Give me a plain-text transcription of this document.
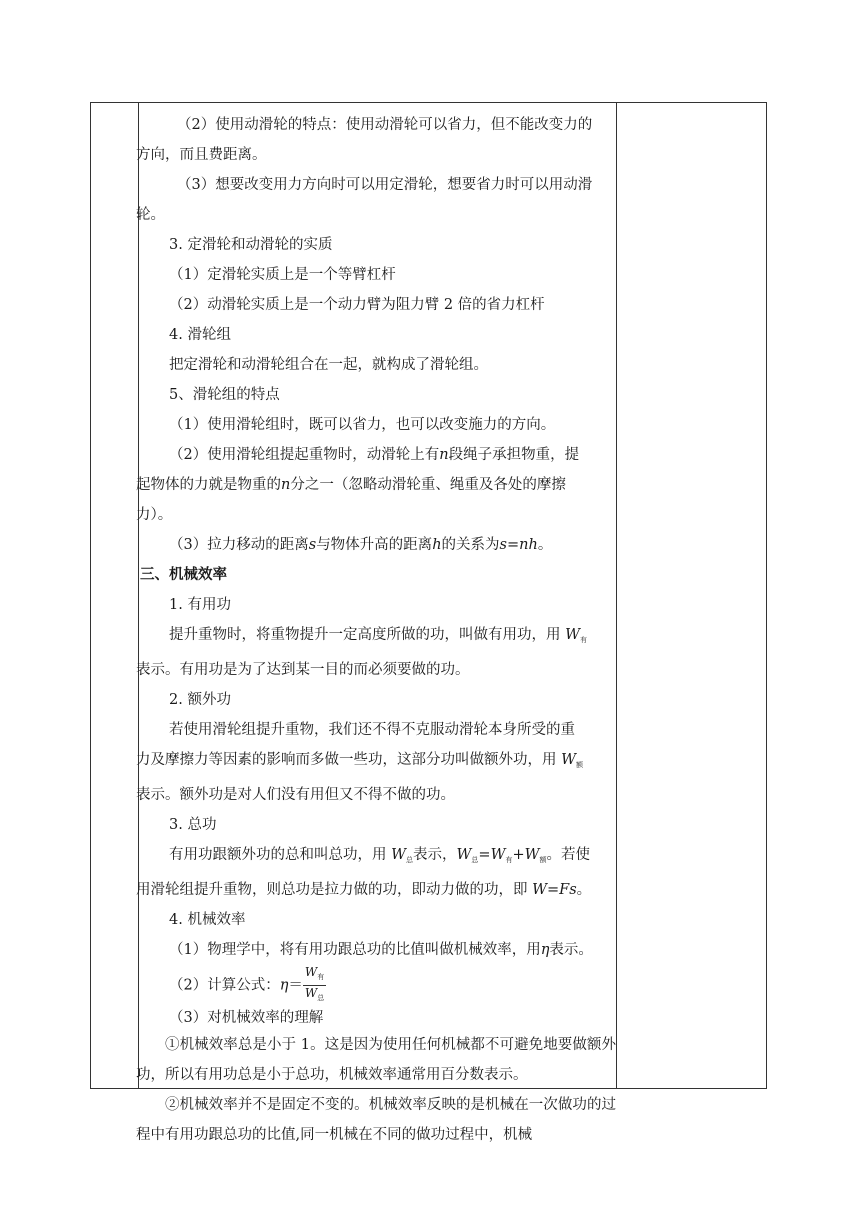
（2）使用动滑轮的特点：使用动滑轮可以省力，但不能改变力的

方向，而且费距离。

（3）想要改变用力方向时可以用定滑轮，想要省力时可以用动滑

轮。

3. 定滑轮和动滑轮的实质

（1）定滑轮实质上是一个等臂杠杆

（2）动滑轮实质上是一个动力臂为阻力臂 2 倍的省力杠杆

4. 滑轮组

把定滑轮和动滑轮组合在一起，就构成了滑轮组。

5、滑轮组的特点

（1）使用滑轮组时，既可以省力，也可以改变施力的方向。

（2）使用滑轮组提起重物时，动滑轮上有n段绳子承担物重，提

起物体的力就是物重的n分之一（忽略动滑轮重、绳重及各处的摩擦

力）。

（3）拉力移动的距离s与物体升高的距离h的关系为s=nh。

三、机械效率

1. 有用功

提升重物时，将重物提升一定高度所做的功，叫做有用功，用 $W_有$

表示。有用功是为了达到某一目的而必须要做的功。

2. 额外功

若使用滑轮组提升重物，我们还不得不克服动滑轮本身所受的重

力及摩擦力等因素的影响而多做一些功，这部分功叫做额外功，用 $W_额$

表示。额外功是对人们没有用但又不得不做的功。

3. 总功

有用功跟额外功的总和叫总功，用 $W_总$表示，$W_总=W_有+W_额$。若使

用滑轮组提升重物，则总功是拉力做的功，即动力做的功，即 W=Fs。

4. 机械效率

（1）物理学中，将有用功跟总功的比值叫做机械效率，用η表示。

（2）计算公式：$\eta= \frac{W_有}{W_总}$

（3）对机械效率的理解

①机械效率总是小于 1。这是因为使用任何机械都不可避免地要做额外功，所以有用功总是小于总功，机械效率通常用百分数表示。

②机械效率并不是固定不变的。机械效率反映的是机械在一次做功的过程中有用功跟总功的比值,同一机械在不同的做功过程中，机械
